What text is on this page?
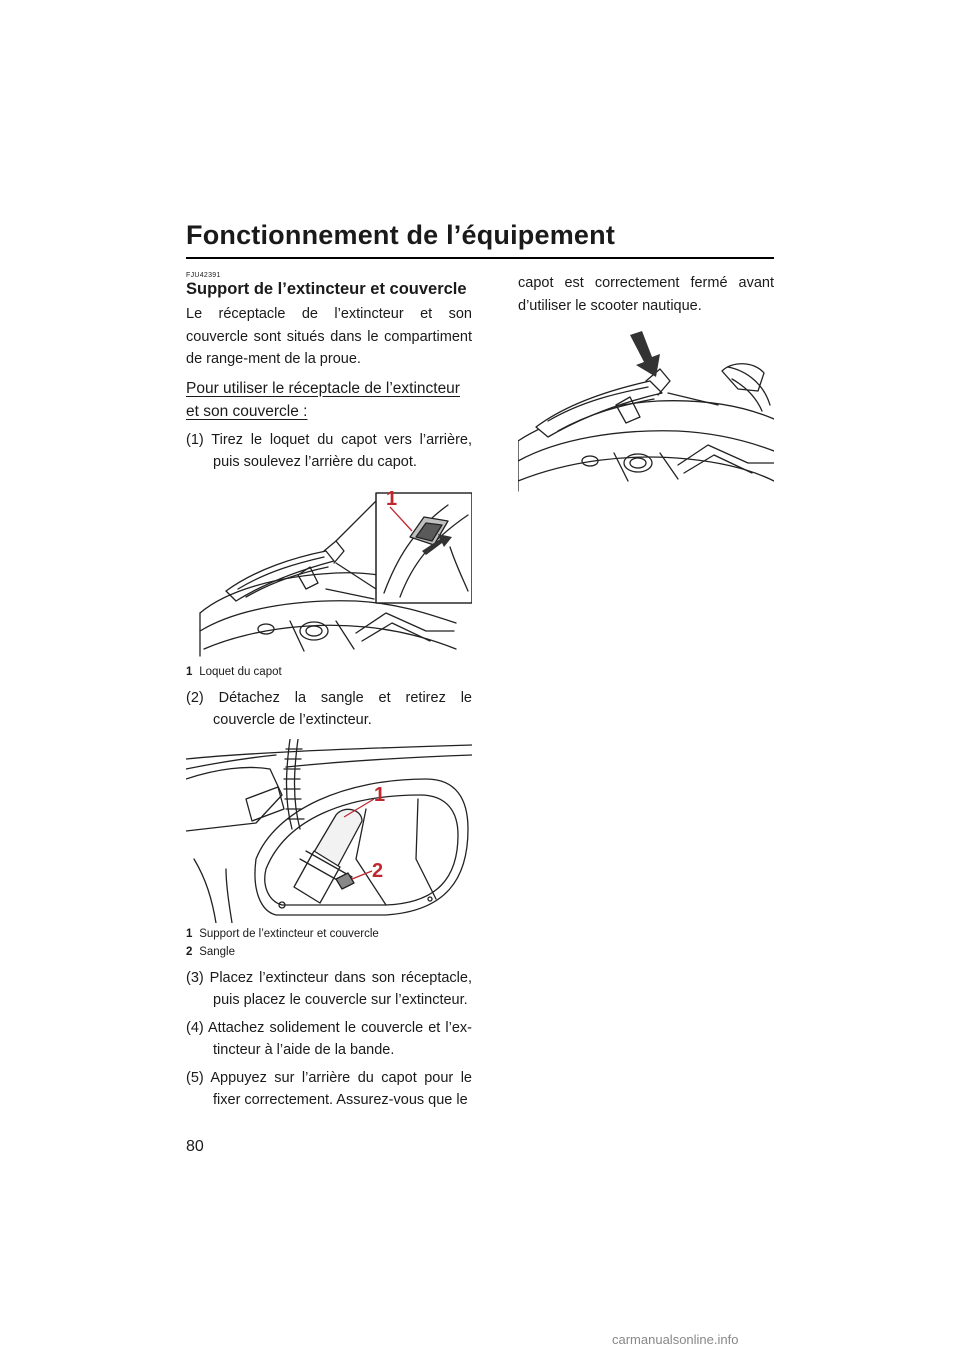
Fonctionnement de l’équipement
FJU42391
Support de l’extincteur et couvercle

Le réceptacle de l’extincteur et son couvercle sont situés dans le compartiment de range-ment de la proue.

Pour utiliser le réceptacle de l’extincteur et son couvercle :
(1) Tirez le loquet du capot vers l’arrière, puis soulevez l’arrière du capot.
1
1 Loquet du capot
(2) Détachez la sangle et retirez le couvercle de l’extincteur.
1
2
1 Support de l’extincteur et couvercle
2 Sangle
(3) Placez l’extincteur dans son réceptacle, puis placez le couvercle sur l’extincteur.
(4) Attachez solidement le couvercle et l’ex-tincteur à l’aide de la bande.
(5) Appuyez sur l’arrière du capot pour le fixer correctement. Assurez-vous que le

capot est correctement fermé avant d’utiliser le scooter nautique.

80
carmanualsonline.info
